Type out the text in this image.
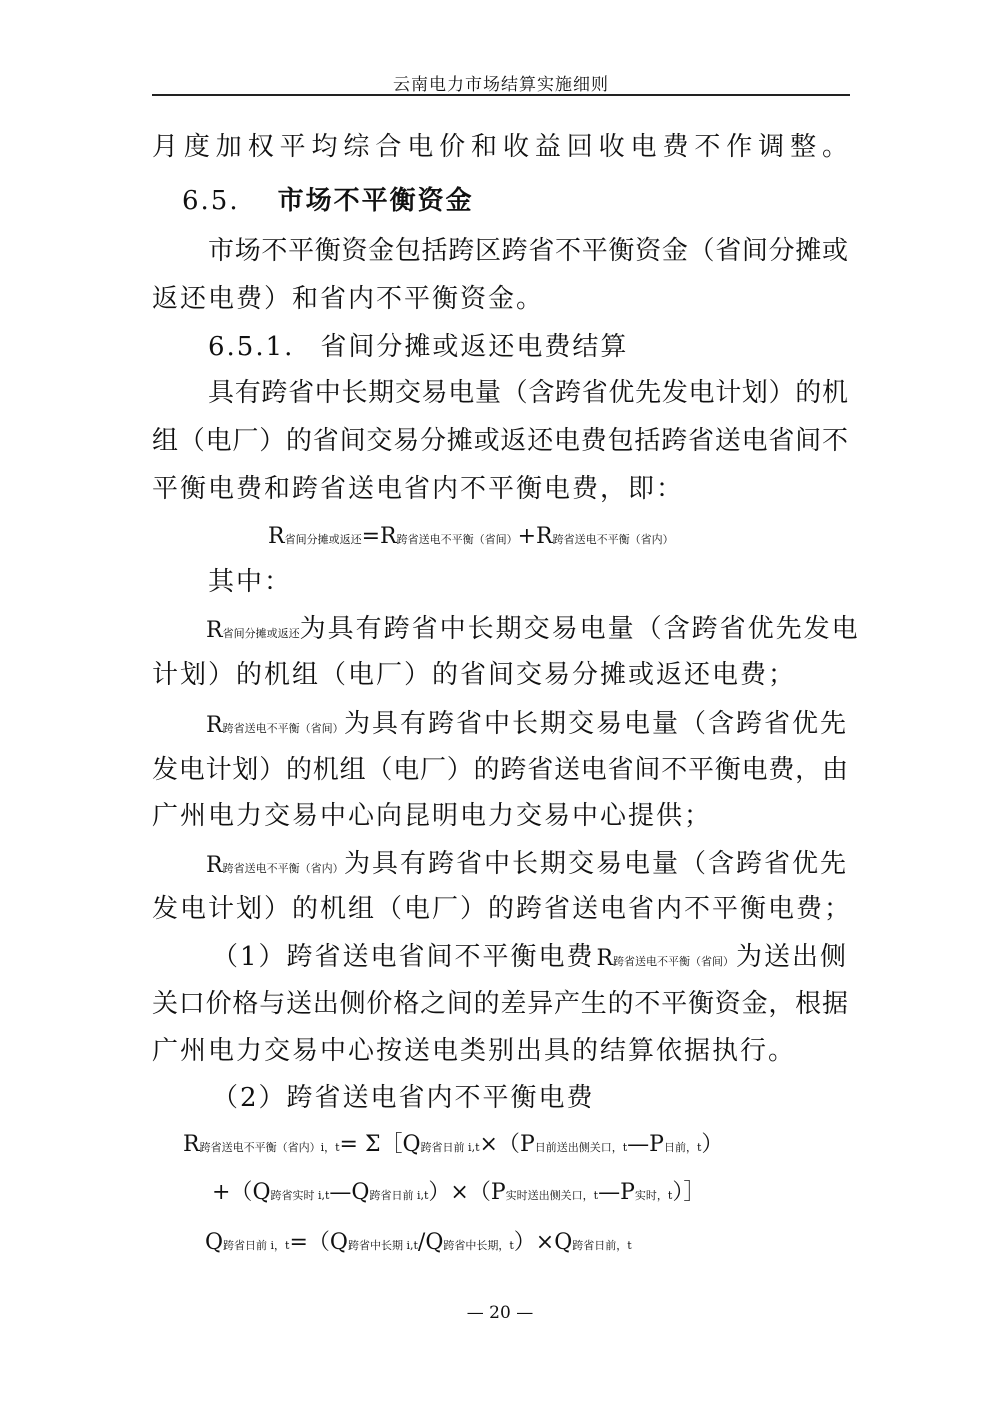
云南电力市场结算实施细则
月度加权平均综合电价和收益回收电费不作调整。
6.5. 市场不平衡资金
市场不平衡资金包括跨区跨省不平衡资金（省间分摊或
返还电费）和省内不平衡资金。
6.5.1. 省间分摊或返还电费结算
具有跨省中长期交易电量（含跨省优先发电计划）的机
组（电厂）的省间交易分摊或返还电费包括跨省送电省间不
平衡电费和跨省送电省内不平衡电费，即：
R省间分摊或返还=R跨省送电不平衡（省间）+R跨省送电不平衡（省内）
其中：
R省间分摊或返还 为具有跨省中长期交易电量（含跨省优先发电
计划）的机组（电厂）的省间交易分摊或返还电费；
R跨省送电不平衡（省间） 为具有跨省中长期交易电量（含跨省优先
发电计划）的机组（电厂）的跨省送电省间不平衡电费，由
广州电力交易中心向昆明电力交易中心提供；
R跨省送电不平衡（省内） 为具有跨省中长期交易电量（含跨省优先
发电计划）的机组（电厂）的跨省送电省内不平衡电费；
（1）跨省送电省间不平衡电费 R跨省送电不平衡（省间） 为送出侧
关口价格与送出侧价格之间的差异产生的不平衡资金，根据
广州电力交易中心按送电类别出具的结算依据执行。
（2）跨省送电省内不平衡电费
R跨省送电不平衡（省内）i，t= Σ［Q跨省日前 i,t×（P日前送出侧关口，t—P日前，t）
+（Q跨省实时 i,t—Q跨省日前 i,t）×（P实时送出侧关口，t—P实时，t）］
Q跨省日前 i，t=（Q跨省中长期 i,t/Q跨省中长期，t）×Q跨省日前，t
— 20 —
